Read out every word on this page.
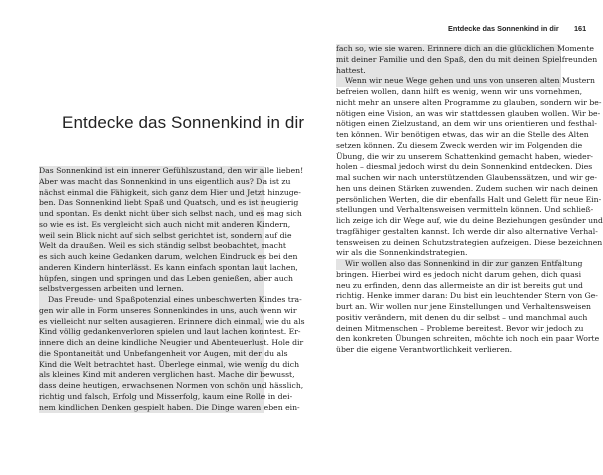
Entdecke das Sonnenkind in dir
Das Sonnenkind ist ein innerer Gefühlszustand, den wir alle lieben!
Aber was macht das Sonnenkind in uns eigentlich aus? Da ist zu
nächst einmal die Fähigkeit, sich ganz dem Hier und Jetzt hinzuge-
ben. Das Sonnenkind liebt Spaß und Quatsch, und es ist neugierig
und spontan. Es denkt nicht über sich selbst nach, und es mag sich
so wie es ist. Es vergleicht sich auch nicht mit anderen Kindern,
weil sein Blick nicht auf sich selbst gerichtet ist, sondern auf die
Welt da draußen. Weil es sich ständig selbst beobachtet, macht
es sich auch keine Gedanken darum, welchen Eindruck es bei den
anderen Kindern hinterlässt. Es kann einfach spontan laut lachen,
hüpfen, singen und springen und das Leben genießen, aber auch
selbstvergessen arbeiten und lernen.
Das Freude- und Spaßpotenzial eines unbeschwerten Kindes tra-
gen wir alle in Form unseres Sonnenkindes in uns, auch wenn wir
es vielleicht nur selten ausagieren. Erinnere dich einmal, wie du als
Kind völlig gedankenverloren spielen und laut lachen konntest. Er-
innere dich an deine kindliche Neugier und Abenteuerlust. Hole dir
die Spontaneität und Unbefangenheit vor Augen, mit der du als
Kind die Welt betrachtet hast. Überlege einmal, wie wenig du dich
als kleines Kind mit anderen verglichen hast. Mache dir bewusst,
dass deine heutigen, erwachsenen Normen von schön und hässlich,
richtig und falsch, Erfolg und Misserfolg, kaum eine Rolle in dei-
nem kindlichen Denken gespielt haben. Die Dinge waren eben ein-
Entdecke das Sonnenkind in dir 161
fach so, wie sie waren. Erinnere dich an die glücklichen Momente
mit deiner Familie und den Spaß, den du mit deinen Spielfreunden
hattest.
Wenn wir neue Wege gehen und uns von unseren alten Mustern
befreien wollen, dann hilft es wenig, wenn wir uns vornehmen,
nicht mehr an unsere alten Programme zu glauben, sondern wir be-
nötigen eine Vision, an was wir stattdessen glauben wollen. Wir be-
nötigen einen Zielzustand, an dem wir uns orientieren und festhal-
ten können. Wir benötigen etwas, das wir an die Stelle des Alten
setzen können. Zu diesem Zweck werden wir im Folgenden die
Übung, die wir zu unserem Schattenkind gemacht haben, wieder-
holen – diesmal jedoch wirst du dein Sonnenkind entdecken. Dies
mal suchen wir nach unterstützenden Glaubenssätzen, und wir ge-
hen uns deinen Stärken zuwenden. Zudem suchen wir nach deinen
persönlichen Werten, die dir ebenfalls Halt und Gelett für neue Ein-
stellungen und Verhaltensweisen vermitteln können. Und schließ-
lich zeige ich dir Wege auf, wie du deine Beziehungen gesünder und
tragfähiger gestalten kannst. Ich werde dir also alternative Verhal-
tensweisen zu deinen Schutzstrategien aufzeigen. Diese bezeichnen
wir als die Sonnenkindstrategien.
Wir wollen also das Sonnenkind in dir zur ganzen Entfaltung
bringen. Hierbei wird es jedoch nicht darum gehen, dich quasi
neu zu erfinden, denn das allermeiste an dir ist bereits gut und
richtig. Henke immer daran: Du bist ein leuchtender Stern von Ge-
burt an. Wir wollen nur jene Einstellungen und Verhaltensweisen
positiv verändern, mit denen du dir selbst – und manchmal auch
deinen Mitmenschen – Probleme bereitest. Bevor wir jedoch zu
den konkreten Übungen schreiten, möchte ich noch ein paar Worte
über die eigene Verantwortlichkeit verlieren.
